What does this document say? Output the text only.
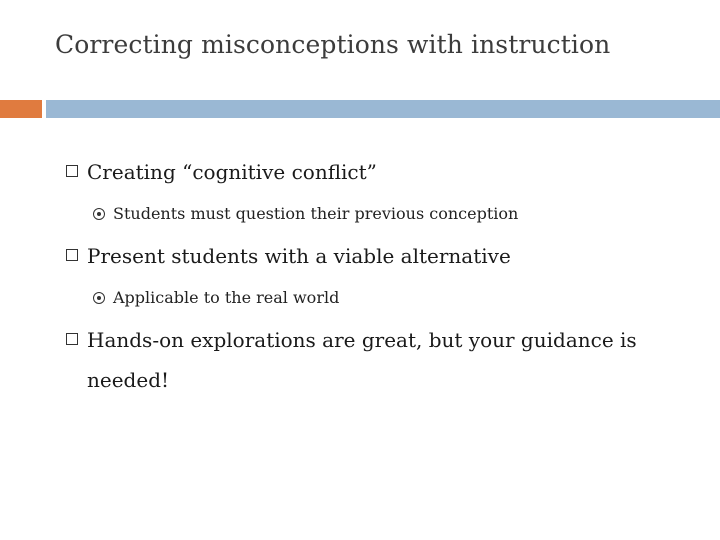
Correcting misconceptions with instruction
Creating “cognitive conflict”
Students must question their previous conception
Present students with a viable alternative
Applicable to the real world
Hands-on explorations are great, but your guidance is needed!
